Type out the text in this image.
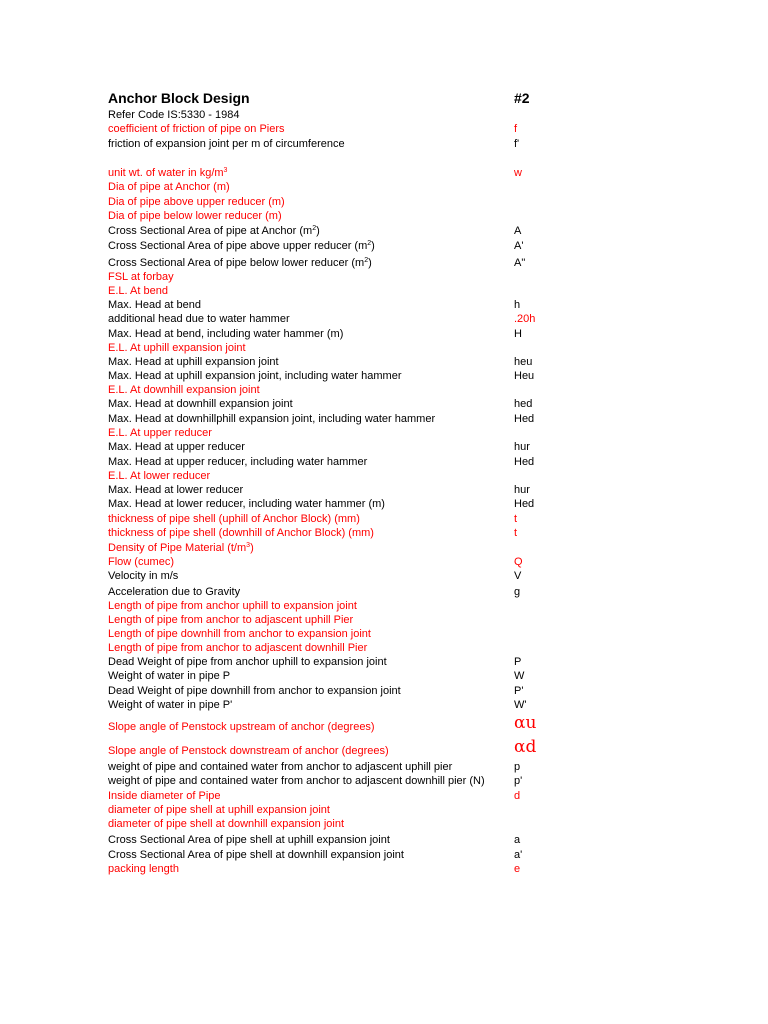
Anchor Block Design	#2
Refer Code IS:5330 - 1984
coefficient of friction of pipe on Piers	f
friction of expansion joint per m of circumference	f'
unit wt. of water in $kg/m^3$	w
Dia of pipe at Anchor (m)
Dia of pipe above upper reducer (m)
Dia of pipe below lower reducer (m)
Cross Sectional Area of pipe at Anchor $(m^2)$	A
Cross Sectional Area of pipe above upper reducer $(m^2)$	A'
Cross Sectional Area of pipe below lower reducer $(m^2)$	A"
FSL at forbay
E.L. At bend
Max. Head at bend	h
additional head due to water hammer	.20h
Max. Head at bend, including water hammer (m)	H
E.L. At uphill expansion joint
Max. Head at uphill expansion joint	heu
Max. Head at uphill expansion joint, including water hammer	Heu
E.L. At downhill expansion joint
Max. Head at downhill expansion joint	hed
Max. Head at downhillphill expansion joint, including water hammer	Hed
E.L. At upper reducer
Max. Head at upper reducer	hur
Max. Head at upper reducer, including water hammer	Hed
E.L. At lower reducer
Max. Head at lower reducer	hur
Max. Head at lower reducer, including water hammer (m)	Hed
thickness of pipe shell (uphill of Anchor Block) (mm)	t
thickness of pipe shell (downhill of Anchor Block) (mm)	t
Density of Pipe Material $(t/m^3)$
Flow (cumec)	Q
Velocity in m/s	V
Acceleration due to Gravity	g
Length of pipe from anchor uphill to expansion joint
Length of pipe from anchor to adjascent uphill Pier
Length of pipe downhill from anchor to expansion joint
Length of pipe from anchor to adjascent downhill Pier
Dead Weight of pipe from anchor uphill to expansion joint	P
Weight of water in pipe P	W
Dead Weight of pipe downhill from anchor to expansion joint	P'
Weight of water in pipe P'	W'
Slope angle of Penstock upstream of anchor (degrees)	αu
Slope angle of Penstock downstream of anchor (degrees)	αd
weight of pipe and contained water from anchor to adjascent uphill pier	p
weight of pipe and contained water from anchor to adjascent downhill pier (N)	p'
Inside diameter of Pipe	d
diameter of pipe shell at uphill expansion joint
diameter of pipe shell at downhill expansion joint
Cross Sectional Area of pipe shell at uphill expansion joint	a
Cross Sectional Area of pipe shell at downhill expansion joint	a'
packing length	e
